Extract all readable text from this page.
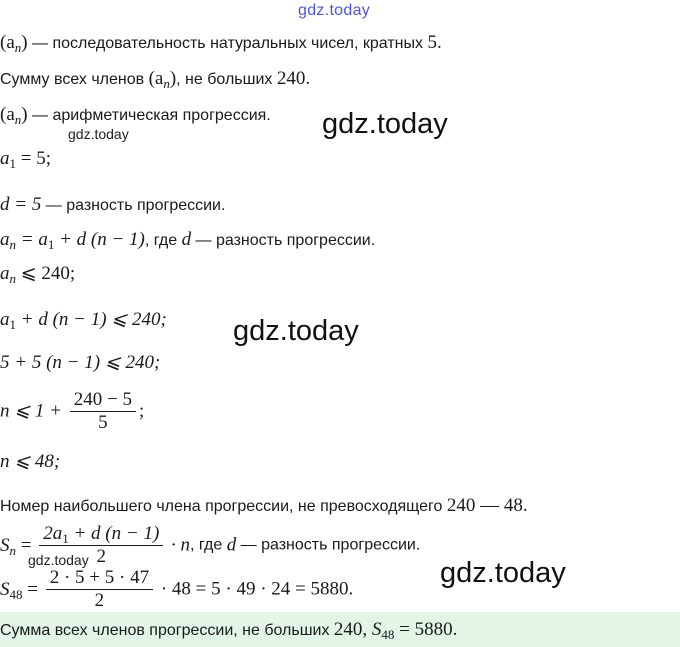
gdz.today
$(a_n)$ — последовательность натуральных чисел, кратных 5.
Сумму всех членов $(a_n)$, не больших 240.
$(a_n)$ — арифметическая прогрессия.
gdz.today	gdz.today
$a_1 = 5$;
d = 5 — разность прогрессии.
$a_n = a_1 + d$ (n − 1), где d — разность прогрессии.
$a_n$ ⩽ 240;
$a_1 + d$ (n − 1) ⩽ 240; gdz.today
5 + 5 (n − 1) ⩽ 240;
n ⩽ $1 + \frac{240 - 5}{5}$ ;
n ⩽ 48;
Номер наибольшего члена прогрессии, не превосходящего 240 — 48.
$S_n = \frac{2a_1 + d (n - 1)}{2} \cdot n$, где d — разность прогрессии.
gdz.today
$S_{48} = \frac{2 \cdot 5 + 5 \cdot 47}{2} \cdot 48 = 5 \cdot 49 \cdot 24 = 5880$.	gdz.today
Сумма всех членов прогрессии, не больших 240, $S_{48} = 5880$.
